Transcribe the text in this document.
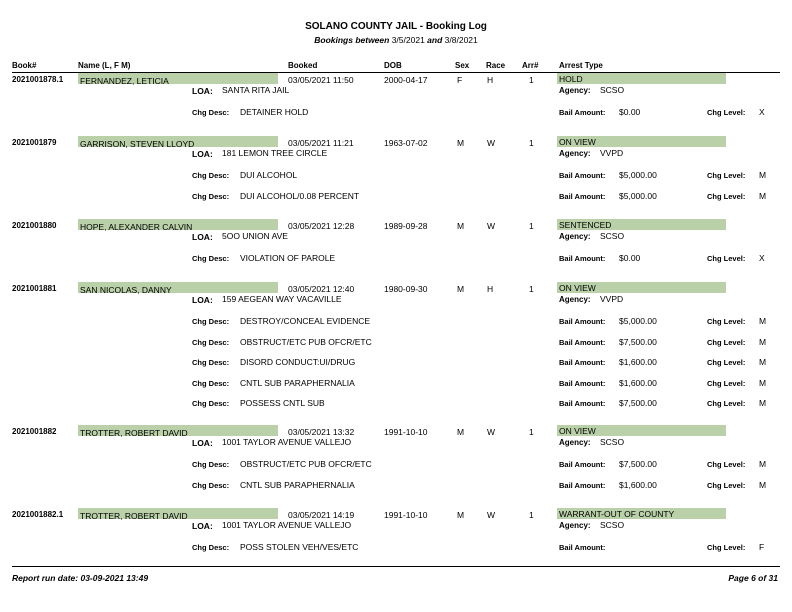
SOLANO COUNTY JAIL - Booking Log
Bookings between 3/5/2021 and 3/8/2021
Book#	Name (L, F M)	Booked	DOB	Sex Race Arr#	Arrest Type
2021001878.1 FERNANDEZ, LETICIA	03/05/2021 11:50	2000-04-17	F	H	1	HOLD
LOA: SANTA RITA JAIL	Agency: SCSO
Chg Desc: DETAINER HOLD	Bail Amount: $0.00	Chg Level: X
2021001879	GARRISON, STEVEN LLOYD	03/05/2021 11:21	1963-07-02	M	W	1	ON VIEW
LOA: 181 LEMON TREE CIRCLE	Agency: VVPD
Chg Desc: DUI ALCOHOL	Bail Amount: $5,000.00	Chg Level: M
Chg Desc: DUI ALCOHOL/0.08 PERCENT	Bail Amount: $5,000.00	Chg Level: M
2021001880	HOPE, ALEXANDER CALVIN	03/05/2021 12:28	1989-09-28	M	W	1	SENTENCED
LOA: 5OO UNION AVE	Agency: SCSO
Chg Desc: VIOLATION OF PAROLE	Bail Amount: $0.00	Chg Level: X
2021001881	SAN NICOLAS, DANNY	03/05/2021 12:40	1980-09-30	M	H	1	ON VIEW
LOA: 159 AEGEAN WAY VACAVILLE	Agency: VVPD
Chg Desc: DESTROY/CONCEAL EVIDENCE	Bail Amount: $5,000.00	Chg Level: M
Chg Desc: OBSTRUCT/ETC PUB OFCR/ETC	Bail Amount: $7,500.00	Chg Level: M
Chg Desc: DISORD CONDUCT:UI/DRUG	Bail Amount: $1,600.00	Chg Level: M
Chg Desc: CNTL SUB PARAPHERNALIA	Bail Amount: $1,600.00	Chg Level: M
Chg Desc: POSSESS CNTL SUB	Bail Amount: $7,500.00	Chg Level: M
2021001882	TROTTER, ROBERT DAVID	03/05/2021 13:32	1991-10-10	M	W	1	ON VIEW
LOA: 1001 TAYLOR AVENUE VALLEJO	Agency: SCSO
Chg Desc: OBSTRUCT/ETC PUB OFCR/ETC	Bail Amount: $7,500.00	Chg Level: M
Chg Desc: CNTL SUB PARAPHERNALIA	Bail Amount: $1,600.00	Chg Level: M
2021001882.1 TROTTER, ROBERT DAVID	03/05/2021 14:19	1991-10-10	M	W	1	WARRANT-OUT OF COUNTY
LOA: 1001 TAYLOR AVENUE VALLEJO	Agency: SCSO
Chg Desc: POSS STOLEN VEH/VES/ETC	Bail Amount:	Chg Level: F
Report run date: 03-09-2021 13:49	Page 6 of 31
